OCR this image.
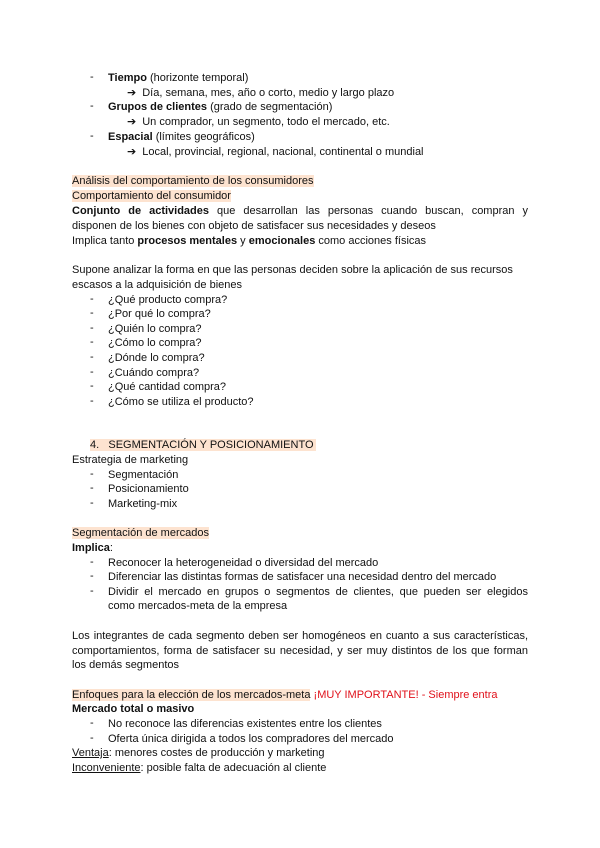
- Tiempo (horizonte temporal)
➔ Día, semana, mes, año o corto, medio y largo plazo
- Grupos de clientes (grado de segmentación)
➔ Un comprador, un segmento, todo el mercado, etc.
- Espacial (límites geográficos)
➔ Local, provincial, regional, nacional, continental o mundial
Análisis del comportamiento de los consumidores
Comportamiento del consumidor
Conjunto de actividades que desarrollan las personas cuando buscan, compran y
disponen de los bienes con objeto de satisfacer sus necesidades y deseos
Implica tanto procesos mentales y emocionales como acciones físicas
Supone analizar la forma en que las personas deciden sobre la aplicación de sus recursos
escasos a la adquisición de bienes
- ¿Qué producto compra?
- ¿Por qué lo compra?
- ¿Quién lo compra?
- ¿Cómo lo compra?
- ¿Dónde lo compra?
- ¿Cuándo compra?
- ¿Qué cantidad compra?
- ¿Cómo se utiliza el producto?
4. SEGMENTACIÓN Y POSICIONAMIENTO
Estrategia de marketing
- Segmentación
- Posicionamiento
- Marketing-mix
Segmentación de mercados
Implica:
- Reconocer la heterogeneidad o diversidad del mercado
- Diferenciar las distintas formas de satisfacer una necesidad dentro del mercado
- Dividir el mercado en grupos o segmentos de clientes, que pueden ser elegidos
como mercados-meta de la empresa
Los integrantes de cada segmento deben ser homogéneos en cuanto a sus características,
comportamientos, forma de satisfacer su necesidad, y ser muy distintos de los que forman
los demás segmentos
Enfoques para la elección de los mercados-meta ¡MUY IMPORTANTE! - Siempre entra
Mercado total o masivo
- No reconoce las diferencias existentes entre los clientes
- Oferta única dirigida a todos los compradores del mercado
Ventaja: menores costes de producción y marketing
Inconveniente: posible falta de adecuación al cliente
